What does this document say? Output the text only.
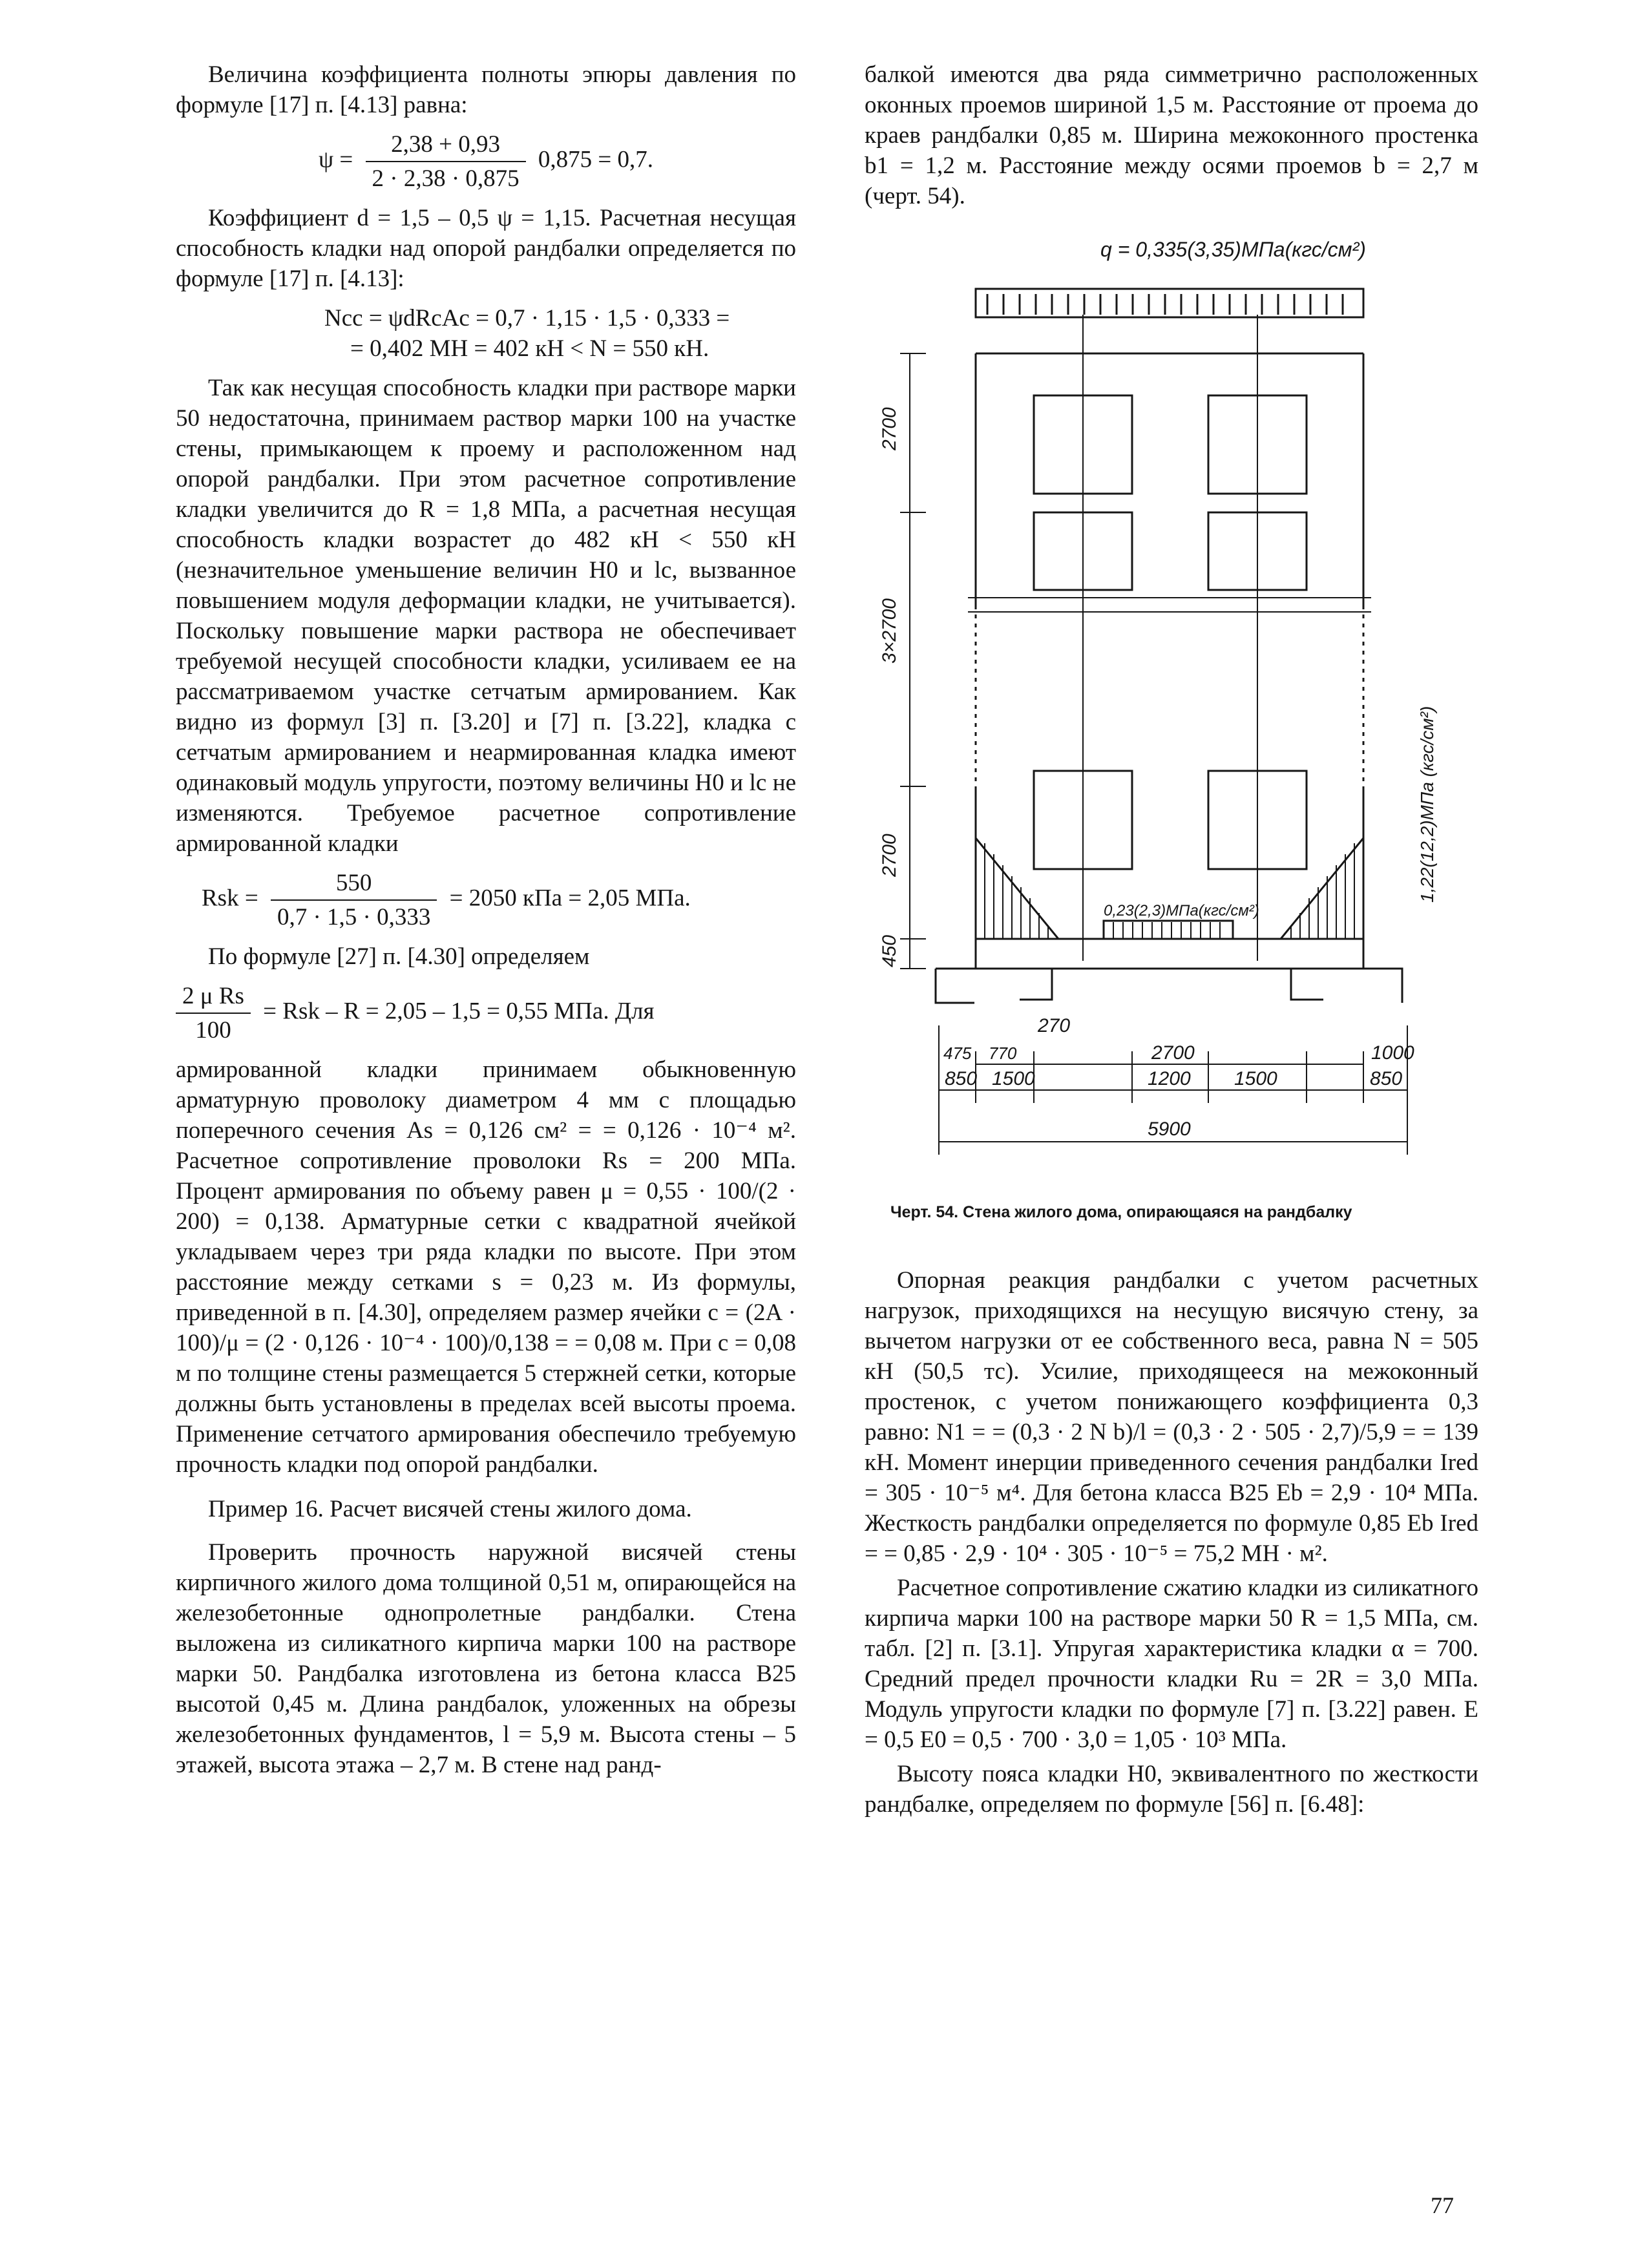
Величина коэффициента полноты эпюры давления по формуле [17] п. [4.13] равна:

$\psi = \frac{2,38 + 0,93}{2 \cdot 2,38 \cdot 0,875} 0,875 = 0,7$.

Коэффициент d = 1,5 – 0,5 ψ = 1,15. Расчетная несущая способность кладки над опорой рандбалки определяется по формуле [17] п. [4.13]:

Ncc = ψdRcAc = 0,7 · 1,15 · 1,5 · 0,333 =
= 0,402 МН = 402 кН < N = 550 кН.

Так как несущая способность кладки при растворе марки 50 недостаточна, принимаем раствор марки 100 на участке стены, примыкающем к проему и расположенном над опорой рандбалки. При этом расчетное сопротивление кладки увеличится до R = 1,8 МПа, а расчетная несущая способность кладки возрастет до 482 кН < 550 кН (незначительное уменьшение величин H0 и lc, вызванное повышением модуля деформации кладки, не учитывается). Поскольку повышение марки раствора не обеспечивает требуемой несущей способности кладки, усиливаем ее на рассматриваемом участке сетчатым армированием. Как видно из формул [3] п. [3.20] и [7] п. [3.22], кладка с сетчатым армированием и неармированная кладка имеют одинаковый модуль упругости, поэтому величины H0 и lc не изменяются. Требуемое расчетное сопротивление армированной кладки

Rsk = $\frac{550}{0,7 \cdot 1,5 \cdot 0,333} = 2050$ кПа = 2,05 МПа.

По формуле [27] п. [4.30] определяем

$\frac{\text{2 μ Rs}}{100}$ = Rsk – R = 2,05 – 1,5 = 0,55 МПа. Для

армированной кладки принимаем обыкновенную арматурную проволоку диаметром 4 мм с площадью поперечного сечения As = 0,126 см² = = 0,126 · 10⁻⁴ м². Расчетное сопротивление проволоки Rs = 200 МПа. Процент армирования по объему равен μ = 0,55 · 100/(2 · 200) = 0,138. Арматурные сетки с квадратной ячейкой укладываем через три ряда кладки по высоте. При этом расстояние между сетками s = 0,23 м. Из формулы, приведенной в п. [4.30], определяем размер ячейки c = (2A · 100)/μ = (2 · 0,126 · 10⁻⁴ · 100)/0,138 = = 0,08 м. При c = 0,08 м по толщине стены размещается 5 стержней сетки, которые должны быть установлены в пределах всей высоты проема. Применение сетчатого армирования обеспечило требуемую прочность кладки под опорой рандбалки.

Пример 16. Расчет висячей стены жилого дома.

Проверить прочность наружной висячей стены кирпичного жилого дома толщиной 0,51 м, опирающейся на железобетонные однопролетные рандбалки. Стена выложена из силикатного кирпича марки 100 на растворе марки 50. Рандбалка изготовлена из бетона класса B25 высотой 0,45 м. Длина рандбалок, уложенных на обрезы железобетонных фундаментов, l = 5,9 м. Высота стены – 5 этажей, высота этажа – 2,7 м. В стене над ранд-

балкой имеются два ряда симметрично расположенных оконных проемов шириной 1,5 м. Расстояние от проема до краев рандбалки 0,85 м. Ширина межоконного простенка b1 = 1,2 м. Расстояние между осями проемов b = 2,7 м (черт. 54).

q = 0,335(3,35)МПа(кгс/см²)
2700
3×2700
2700
450
1,22(12,2)МПа (кгс/см²)
0,23(2,3)МПа(кгс/см²)
270
475 770	2700	1000
850 1500	1200 1500	850
5900
Черт. 54. Стена жилого дома, опирающаяся на рандбалку

Опорная реакция рандбалки с учетом расчетных нагрузок, приходящихся на несущую висячую стену, за вычетом нагрузки от ее собственного веса, равна N = 505 кН (50,5 тс). Усилие, приходящееся на межоконный простенок, с учетом понижающего коэффициента 0,3 равно: N1 = = (0,3 · 2 N b)/l = (0,3 · 2 · 505 · 2,7)/5,9 = = 139 кН. Момент инерции приведенного сечения рандбалки Ired = 305 · 10⁻⁵ м⁴. Для бетона класса B25 Eb = 2,9 · 10⁴ МПа. Жесткость рандбалки определяется по формуле 0,85 Eb Ired = = 0,85 · 2,9 · 10⁴ · 305 · 10⁻⁵ = 75,2 МН · м².

Расчетное сопротивление сжатию кладки из силикатного кирпича марки 100 на растворе марки 50 R = 1,5 МПа, см. табл. [2] п. [3.1]. Упругая характеристика кладки α = 700. Средний предел прочности кладки Ru = 2R = 3,0 МПа. Модуль упругости кладки по формуле [7] п. [3.22] равен. E = 0,5 E0 = 0,5 · 700 · 3,0 = 1,05 · 10³ МПа.

Высоту пояса кладки H0, эквивалентного по жесткости рандбалке, определяем по формуле [56] п. [6.48]:

77
